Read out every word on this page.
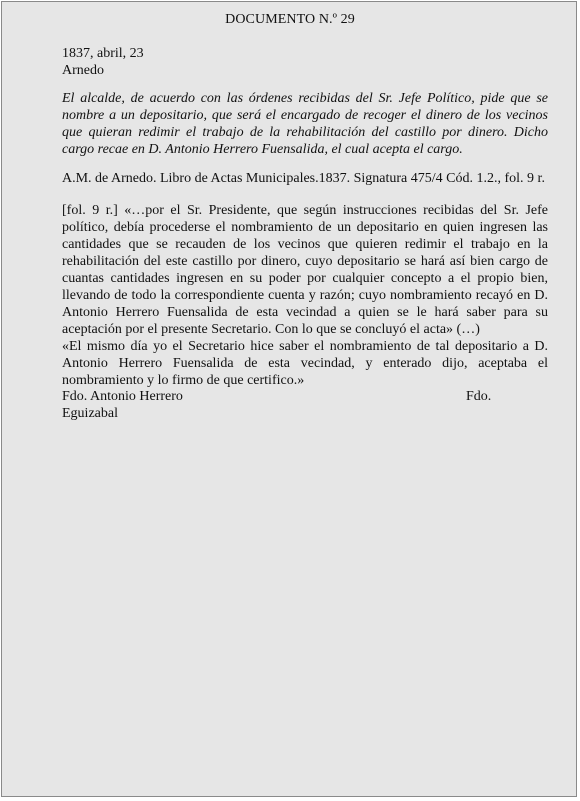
DOCUMENTO N.º 29
1837, abril, 23
Arnedo
El alcalde, de acuerdo con las órdenes recibidas del Sr. Jefe Político, pide que se nombre a un depositario, que será el encargado de recoger el dinero de los vecinos que quieran redimir el trabajo de la rehabilitación del castillo por dinero. Dicho cargo recae en D. Antonio Herrero Fuensalida, el cual acepta el cargo.
A.M. de Arnedo. Libro de Actas Municipales.1837. Signatura 475/4 Cód. 1.2., fol. 9 r.

[fol. 9 r.] «…por el Sr. Presidente, que según instrucciones recibidas del Sr. Jefe político, debía procederse el nombramiento de un depositario en quien ingresen las cantidades que se recauden de los vecinos que quieren redimir el trabajo en la rehabilitación del este castillo por dinero, cuyo depositario se hará así bien cargo de cuantas cantidades ingresen en su poder por cualquier concepto a el propio bien, llevando de todo la correspondiente cuenta y razón; cuyo nombramiento recayó en D. Antonio Herrero Fuensalida de esta vecindad a quien se le hará saber para su aceptación por el presente Secretario. Con lo que se concluyó el acta» (…)

«El mismo día yo el Secretario hice saber el nombramiento de tal depositario a D. Antonio Herrero Fuensalida de esta vecindad, y enterado dijo, aceptaba el nombramiento y lo firmo de que certifico.»

Fdo. Antonio Herrero
Eguizabal
Fdo.
